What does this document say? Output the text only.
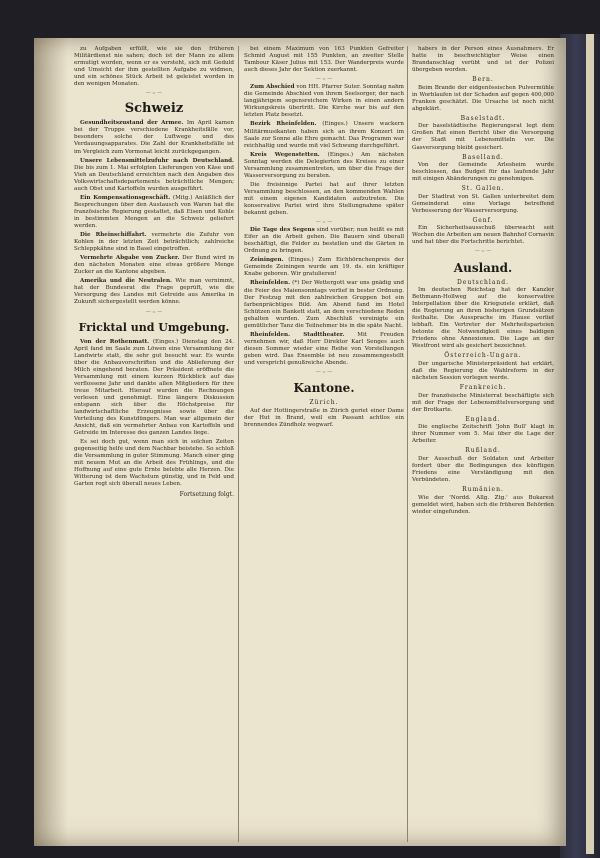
zu Aufgaben erfüllt, wie sie den früheren Militärdienst nie sahen; doch ist der Mann zu allem ermutigt worden, wenn er es versteht, sich mit Geduld und Umsicht der ihm gestellten Aufgabe zu widmen, und ein schönes Stück Arbeit ist geleistet worden in den wenigen Monaten.

— :: —
Schweiz

Gesundheitszustand der Armee. Im April kamen bei der Truppe verschiedene Krankheitsfälle vor, besonders solche der Luftwege und des Verdauungsapparates. Die Zahl der Krankheitsfälle ist im Vergleich zum Vormonat leicht zurückgegangen.

Unsere Lebensmittelzufuhr nach Deutschland. Die bis zum 1. Mai erfolgten Lieferungen von Käse und Vieh an Deutschland erreichten nach den Angaben des Volkswirtschaftsdepartements beträchtliche Mengen; auch Obst und Kartoffeln wurden ausgeführt.

Ein Kompensationsgeschäft. (Mitg.) Anläßlich der Besprechungen über den Austausch von Waren hat die französische Regierung gestattet, daß Eisen und Kohle in bestimmten Mengen an die Schweiz geliefert werden.

Die Rheinschiffahrt. vermehrte die Zufuhr von Kohlen in der letzten Zeit beträchtlich; zahlreiche Schleppkähne sind in Basel eingetroffen.

Vermehrte Abgabe von Zucker. Der Bund wird in den nächsten Monaten eine etwas größere Menge Zucker an die Kantone abgeben.

Amerika und die Neutralen. Wie man vernimmt, hat der Bundesrat die Frage geprüft, wie die Versorgung des Landes mit Getreide aus Amerika in Zukunft sichergestellt werden könne.

— :: —
Fricktal und Umgebung.

Von der Rothenmatt. (Einges.) Dienstag den 24. April fand im Saale zum Löwen eine Versammlung der Landwirte statt, die sehr gut besucht war. Es wurde über die Anbauvorschriften und die Ablieferung der Milch eingehend beraten. Der Präsident eröffnete die Versammlung mit einem kurzen Rückblick auf das verflossene Jahr und dankte allen Mitgliedern für ihre treue Mitarbeit. Hierauf wurden die Rechnungen verlesen und genehmigt. Eine längere Diskussion entspann sich über die Höchstpreise für landwirtschaftliche Erzeugnisse sowie über die Verteilung des Kunstdüngers. Man war allgemein der Ansicht, daß ein vermehrter Anbau von Kartoffeln und Getreide im Interesse des ganzen Landes liege.

Es sei doch gut, wenn man sich in solchen Zeiten gegenseitig helfe und dem Nachbar beistehe. So schloß die Versammlung in guter Stimmung. Manch einer ging mit neuem Mut an die Arbeit des Frühlings, und die Hoffnung auf eine gute Ernte belebte alle Herzen. Die Witterung ist dem Wachstum günstig, und in Feld und Garten regt sich überall neues Leben.

Fortsetzung folgt.

bei einem Maximum von 163 Punkten Gefreiter Schmid August mit 155 Punkten, an zweiter Stelle Tambour Käser Julius mit 153. Der Wanderpreis wurde auch dieses Jahr der Sektion zuerkannt.

— :: —

Zum Abschied von HH. Pfarrer Suter. Sonntag nahm die Gemeinde Abschied von ihrem Seelsorger, der nach langjährigem segensreichem Wirken in einen andern Wirkungskreis übertritt. Die Kirche war bis auf den letzten Platz besetzt.

Bezirk Rheinfelden. (Einges.) Unsere wackern Militärmusikanten haben sich an ihrem Konzert im Saale zur Sonne alle Ehre gemacht. Das Programm war reichhaltig und wurde mit viel Schwung durchgeführt.

Kreis Wegenstetten. (Einges.) Am nächsten Sonntag werden die Delegierten des Kreises zu einer Versammlung zusammentreten, um über die Frage der Wasserversorgung zu beraten.

Die freisinnige Partei hat auf ihrer letzten Versammlung beschlossen, an den kommenden Wahlen mit einem eigenen Kandidaten aufzutreten. Die konservative Partei wird ihre Stellungnahme später bekannt geben.

— :: —

Die Tage des Segens sind vorüber; nun heißt es mit Eifer an die Arbeit gehen. Die Bauern sind überall beschäftigt, die Felder zu bestellen und die Gärten in Ordnung zu bringen.

Zeiningen. (Einges.) Zum Eichhörnchenpreis der Gemeinde Zeiningen wurde am 19. ds. ein kräftiger Knabe geboren. Wir gratulieren!

Rheinfelden. (*) Der Wettergott war uns gnädig und die Feier des Maiensonntags verlief in bester Ordnung. Der Festzug mit den zahlreichen Gruppen bot ein farbenprächtiges Bild. Am Abend fand im Hotel Schützen ein Bankett statt, an dem verschiedene Reden gehalten wurden. Zum Abschluß vereinigte ein gemütlicher Tanz die Teilnehmer bis in die späte Nacht.

Rheinfelden. Stadttheater. Mit Freuden vernehmen wir, daß Herr Direktor Karl Senges auch diesen Sommer wieder eine Reihe von Vorstellungen geben wird. Das Ensemble ist neu zusammengestellt und verspricht genußreiche Abende.

— :: —
Kantone.
Zürich.

Auf der Hottingerstraße in Zürich geriet einer Dame der Hut in Brand, weil ein Passant achtlos ein brennendes Zündholz wegwarf.

habers in der Person eines Ausnahmers. Er hatte in beschwichtigter Weise einen Brandanschlag verübt und ist der Polizei übergeben worden.

Bern.

Beim Brande der eidgenössischen Pulvermühle in Worblaufen ist der Schaden auf gegen 400,000 Franken geschätzt. Die Ursache ist noch nicht abgeklärt.

Baselstadt.

Der baselstädtische Regierungsrat legt dem Großen Rat einen Bericht über die Versorgung der Stadt mit Lebensmitteln vor. Die Gasversorgung bleibt gesichert.

Baselland.

Von der Gemeinde Arlesheim wurde beschlossen, das Budget für das laufende Jahr mit einigen Abänderungen zu genehmigen.

St. Gallen.

Der Stadtrat von St. Gallen unterbreitet dem Gemeinderat eine Vorlage betreffend Verbesserung der Wasserversorgung.

Genf.

Ein Sicherheitsausschuß überwacht seit Wochen die Arbeiten am neuen Bahnhof Cornavin und hat über die Fortschritte berichtet.

— :: —
Ausland.
Deutschland.

Im deutschen Reichstag hat der Kanzler Bethmann-Hollweg auf die konservative Interpellation über die Kriegsziele erklärt, daß die Regierung an ihren bisherigen Grundsätzen festhalte. Die Aussprache im Hause verlief lebhaft. Ein Vertreter der Mehrheitsparteien betonte die Notwendigkeit eines baldigen Friedens ohne Annexionen. Die Lage an der Westfront wird als gesichert bezeichnet.

Österreich-Ungarn.

Der ungarische Ministerpräsident hat erklärt, daß die Regierung die Wahlreform in der nächsten Session vorlegen werde.

Frankreich.

Der französische Ministerrat beschäftigte sich mit der Frage der Lebensmittelversorgung und der Brotkarte.

England.

Die englische Zeitschrift 'John Bull' klagt in ihrer Nummer vom 5. Mai über die Lage der Arbeiter.

Rußland.

Der Ausschuß der Soldaten und Arbeiter fordert über die Bedingungen des künftigen Friedens eine Verständigung mit den Verbündeten.

Rumänien.

Wie der 'Nordd. Allg. Ztg.' aus Bukarest gemeldet wird, haben sich die früheren Behörden wieder eingefunden.
